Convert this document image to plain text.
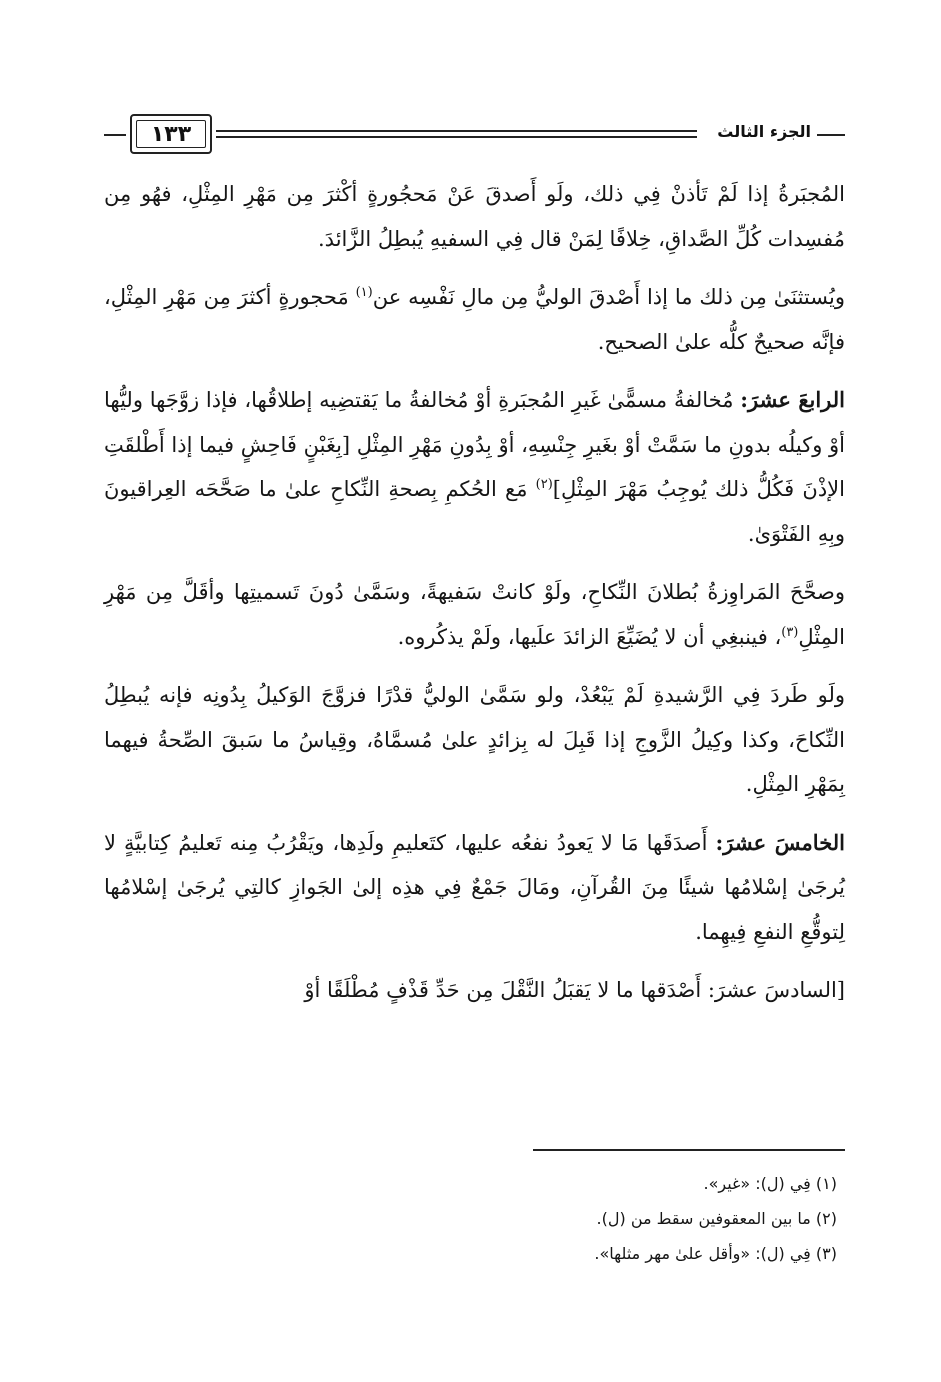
الجزء الثالث
١٣٣

المُجبَرةُ إذا لَمْ تَأذنْ فِي ذلك، ولَو أَصدقَ عَنْ مَحجُورةٍ أكْثرَ مِن مَهْرِ المِثْلِ، فهُو مِن مُفسِدات كُلِّ الصَّداقِ، خِلافًا لِمَنْ قال فِي السفيهِ يُبطِلُ الزَّائدَ.

ويُستثنَىٰ مِن ذلك ما إذا أَصْدقَ الوليُّ مِن مالِ نَفْسِه عن$^{(١)}$ مَحجورةٍ أكثرَ مِن مَهْرِ المِثْلِ، فإنَّه صحيحٌ كلُّه علىٰ الصحيح.

الرابعَ عشرَ: مُخالفةُ مسمًّىٰ غَيرِ المُجبَرةِ أوْ مُخالفةُ ما يَقتضِيه إطلاقُها، فإذا زوَّجَها وليُّها أوْ وكيلُه بدونِ ما سَمَّتْ أوْ بغَيرِ جِنْسِهِ، أوْ بِدُونِ مَهْرِ المِثْلِ [بِغَبْنٍ فَاحِشٍ فيما إذا أَطْلقَتِ الإذْنَ فَكُلُّ ذلك يُوجِبُ مَهْرَ المِثْلِ]$^{(٢)}$ مَع الحُكمِ بِصحةِ النِّكاحِ علىٰ ما صَحَّحَه العِراقيونَ وبِهِ الفَتْوَىٰ.

وصحَّحَ المَراوِزةُ بُطلانَ النِّكاحِ، ولَوْ كانتْ سَفيهةً، وسَمَّىٰ دُونَ تَسميتِها وأقَلَّ مِن مَهْرِ المِثْلِ$^{(٣)}$، فينبغِي أن لا يُضَيِّعَ الزائدَ علَيها، ولَمْ يذكُروه.

ولَو طَردَ فِي الرَّشيدةِ لَمْ يَبْعُدْ، ولو سَمَّىٰ الوليُّ قدْرًا فزوَّجَ الوَكيلُ بِدُونِه فإنه يُبطِلُ النِّكاحَ، وكذا وكِيلُ الزَّوجِ إذا قَبِلَ له بِزائدٍ علىٰ مُسمَّاهُ، وقِياسُ ما سَبقَ الصِّحةُ فيهما بِمَهْرِ المِثْلِ.

الخامسَ عشرَ: أَصدَقَها مَا لا يَعودُ نفعُه عليها، كتَعليمِ ولَدِها، ويَقْرُبُ مِنه تَعليمُ كِتابيَّةٍ لا يُرجَىٰ إسْلامُها شيئًا مِنَ القُرآنِ، ومَالَ جَمْعٌ فِي هذِه إلىٰ الجَوازِ كالتِي يُرجَىٰ إسْلامُها لِتوقُّعِ النفعِ فِيهِما.

[السادسَ عشرَ: أَصْدَقها ما لا يَقبَلُ النَّقْلَ مِن حَدِّ قَذْفٍ مُطْلَقًا أوْ

(١) فِي (ل): «غير».
(٢) ما بين المعقوفين سقط من (ل).
(٣) فِي (ل): «وأقل علىٰ مهر مثلها».
